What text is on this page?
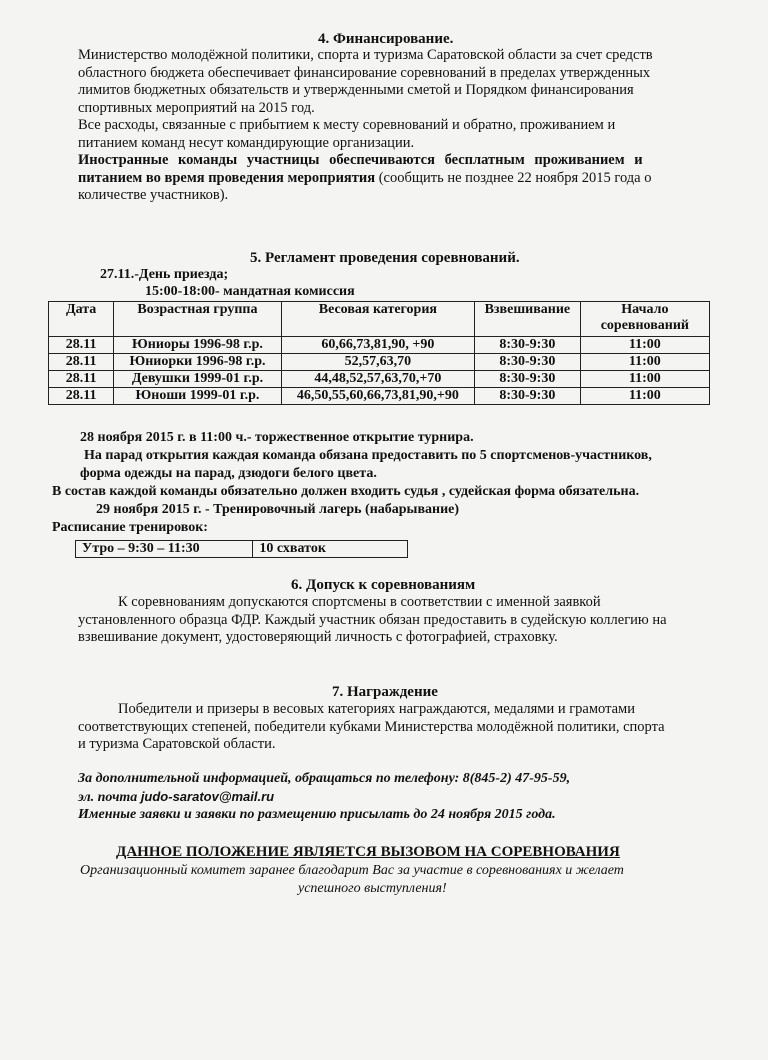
4. Финансирование.
Министерство молодёжной политики, спорта и туризма Саратовской области за счет средств
областного бюджета обеспечивает финансирование соревнований в пределах утвержденных
лимитов бюджетных обязательств и утвержденными сметой и Порядком финансирования
спортивных мероприятий на 2015 год.
Все расходы, связанные с прибытием к месту соревнований и обратно, проживанием и
питанием команд несут командирующие организации.
Иностранные команды участницы обеспечиваются бесплатным проживанием и
питанием во время проведения мероприятия (сообщить не позднее 22 ноября 2015 года о
количестве участников).
5. Регламент проведения соревнований.
27.11.-День приезда;
15:00-18:00- мандатная комиссия
Дата	Возрастная группа	Весовая категория	Взвешивание	Начало соревнований
28.11	Юниоры 1996-98 г.р.	60,66,73,81,90, +90	8:30-9:30	11:00
28.11	Юниорки 1996-98 г.р.	52,57,63,70	8:30-9:30	11:00
28.11	Девушки 1999-01 г.р.	44,48,52,57,63,70,+70	8:30-9:30	11:00
28.11	Юноши 1999-01 г.р.	46,50,55,60,66,73,81,90,+90	8:30-9:30	11:00
28 ноября 2015 г. в 11:00 ч.- торжественное открытие турнира.
На парад открытия каждая команда обязана предоставить по 5 спортсменов-участников,
форма одежды на парад, дзюдоги белого цвета.
В состав каждой команды обязательно должен входить судья , судейская форма обязательна.
29 ноября 2015 г. - Тренировочный лагерь (набарывание)
Расписание тренировок:
Утро – 9:30 – 11:30	10 схваток
6. Допуск к соревнованиям
К соревнованиям допускаются спортсмены в соответствии с именной заявкой
установленного образца ФДР. Каждый участник обязан предоставить в судейскую коллегию на
взвешивание документ, удостоверяющий личность с фотографией, страховку.
7. Награждение
Победители и призеры в весовых категориях награждаются, медалями и грамотами
соответствующих степеней, победители кубками Министерства молодёжной политики, спорта
и туризма Саратовской области.
За дополнительной информацией, обращаться по телефону: 8(845-2) 47-95-59,
эл. почта judo-saratov@mail.ru
Именные заявки и заявки по размещению присылать до 24 ноября 2015 года.
ДАННОЕ ПОЛОЖЕНИЕ ЯВЛЯЕТСЯ ВЫЗОВОМ НА СОРЕВНОВАНИЯ
Организационный комитет заранее благодарит Вас за участие в соревнованиях и желает
успешного выступления!
